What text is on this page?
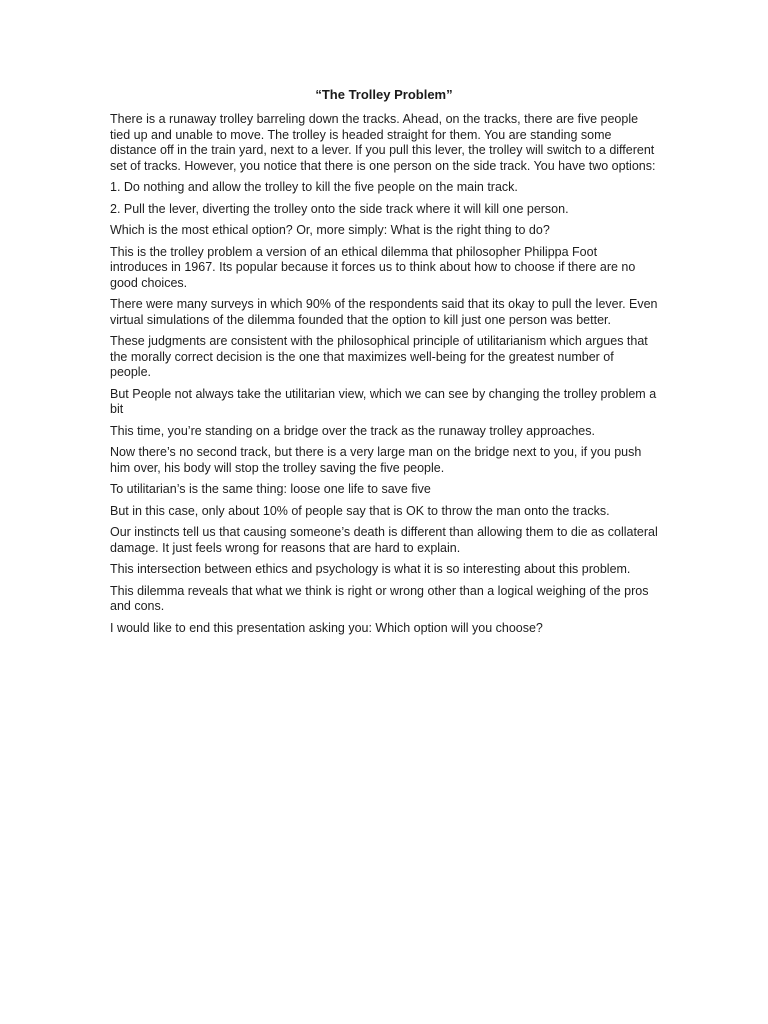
“The Trolley Problem”

There is a runaway trolley barreling down the tracks. Ahead, on the tracks, there are five people tied up and unable to move. The trolley is headed straight for them. You are standing some distance off in the train yard, next to a lever. If you pull this lever, the trolley will switch to a different set of tracks. However, you notice that there is one person on the side track. You have two options:

1. Do nothing and allow the trolley to kill the five people on the main track.

2. Pull the lever, diverting the trolley onto the side track where it will kill one person.

Which is the most ethical option? Or, more simply: What is the right thing to do?

This is the trolley problem a version of an ethical dilemma that philosopher Philippa Foot introduces in 1967. Its popular because it forces us to think about how to choose if there are no good choices.

There were many surveys in which 90% of the respondents said that its okay to pull the lever. Even virtual simulations of the dilemma founded that the option to kill just one person was better.

These judgments are consistent with the philosophical principle of utilitarianism which argues that the morally correct decision is the one that maximizes well-being for the greatest number of people.

But People not always take the utilitarian view, which we can see by changing the trolley problem a bit

This time, you’re standing on a bridge over the track as the runaway trolley approaches.

Now there’s no second track, but there is a very large man on the bridge next to you, if you push him over, his body will stop the trolley saving the five people.

To utilitarian’s is the same thing: loose one life to save five

But in this case, only about 10% of people say that is OK to throw the man onto the tracks.

Our instincts tell us that causing someone’s death is different than allowing them to die as collateral damage. It just feels wrong for reasons that are hard to explain.

This intersection between ethics and psychology is what it is so interesting about this problem.

This dilemma reveals that what we think is right or wrong other than a logical weighing of the pros and cons.

I would like to end this presentation asking you: Which option will you choose?
